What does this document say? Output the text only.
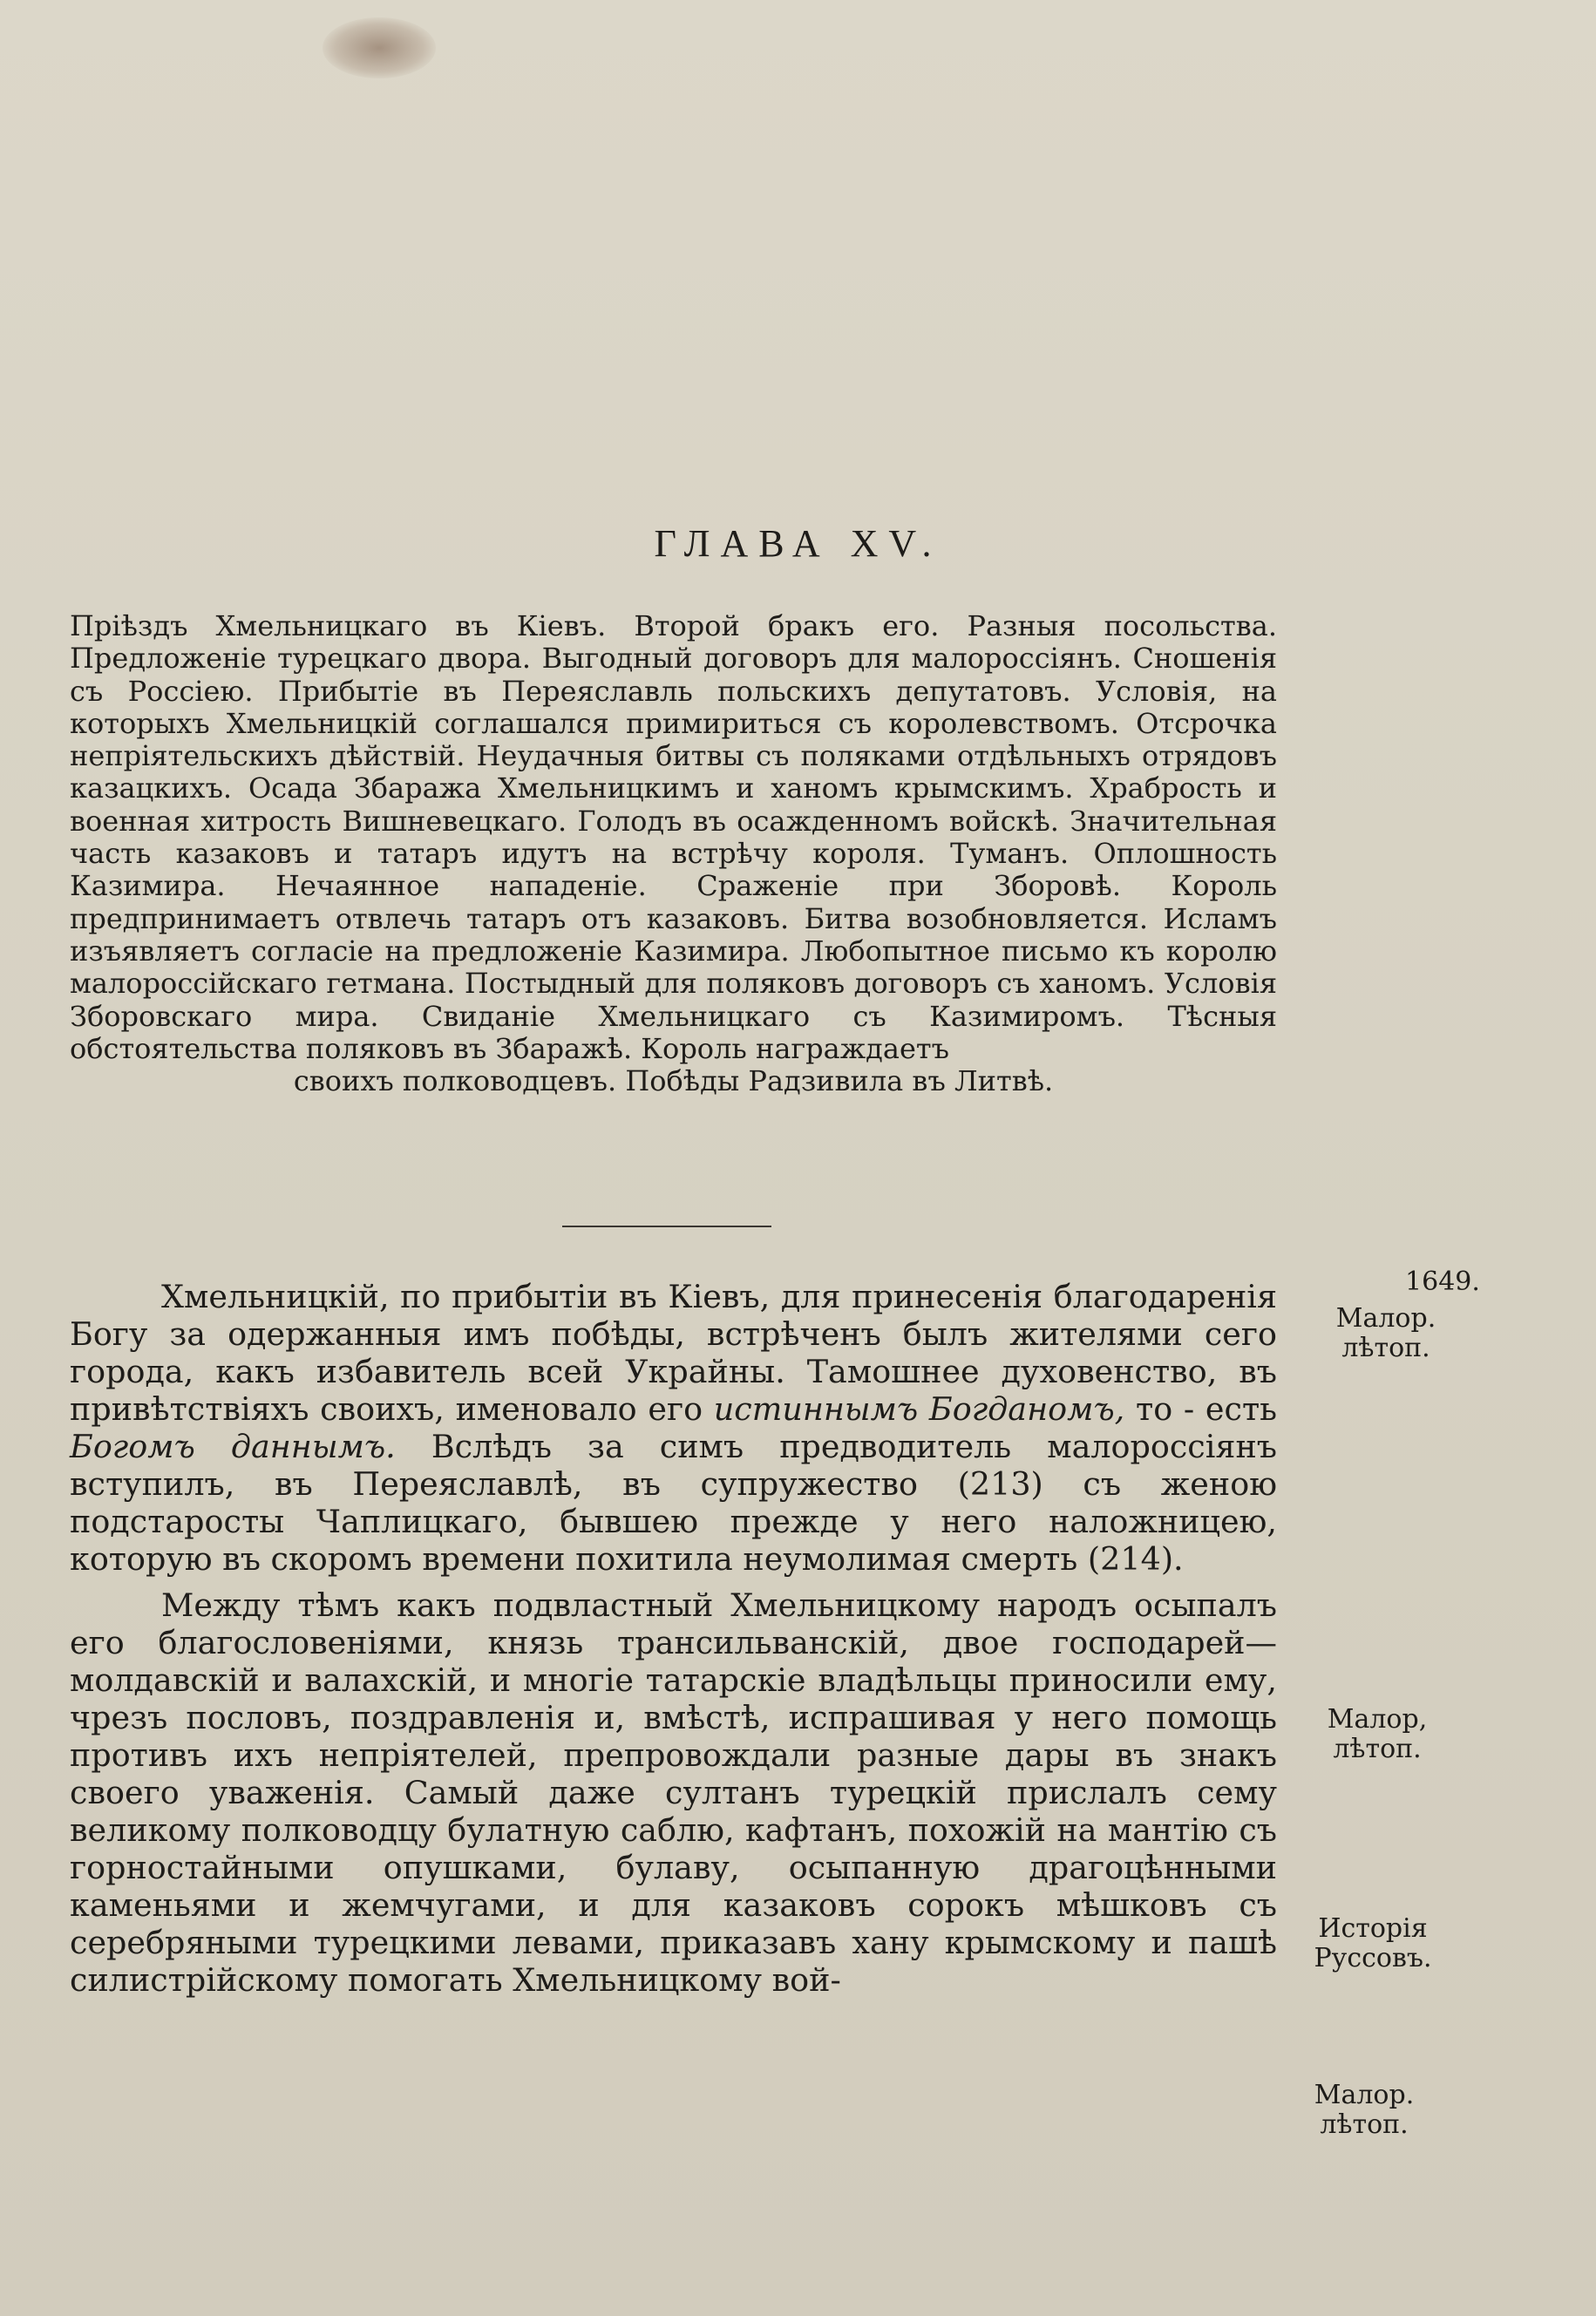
ГЛАВА XV.

Прiѣздъ Хмельницкаго въ Кiевъ. Второй бракъ его. Разныя посольства. Предложенiе турецкаго двора. Выгодный договоръ для малороссiянъ. Сношенiя съ Россiею. Прибытiе въ Переяславль польскихъ депутатовъ. Условiя, на которыхъ Хмельницкiй соглашался примириться съ королевствомъ. Отсрочка непрiятельскихъ дѣйствiй. Неудачныя битвы съ поляками отдѣльныхъ отрядовъ казацкихъ. Осада Збаража Хмельницкимъ и ханомъ крымскимъ. Храбрость и военная хитрость Вишневецкаго. Голодъ въ осажденномъ войскѣ. Значительная часть казаковъ и татаръ идутъ на встрѣчу короля. Туманъ. Оплошность Казимира. Нечаянное нападенiе. Сраженiе при Зборовѣ. Король предпринимаетъ отвлечь татаръ отъ казаковъ. Битва возобновляется. Исламъ изъявляетъ согласiе на предложенiе Казимира. Любопытное письмо къ королю малороссiйскаго гетмана. Постыдный для поляковъ договоръ съ ханомъ. Условiя Зборовскаго мира. Свиданiе Хмельницкаго съ Казимиромъ. Тѣсныя обстоятельства поляковъ въ Збаражѣ. Король награждаетъ
своихъ полководцевъ. Побѣды Радзивила въ Литвѣ.

Хмельницкiй, по прибытiи въ Кiевъ, для принесенiя благодаренiя Богу за одержанныя имъ побѣды, встрѣченъ былъ жителями сего города, какъ избавитель всей Украйны. Тамошнее духовенство, въ привѣтствiяхъ своихъ, именовало его истиннымъ Богданомъ, то - есть Богомъ даннымъ. Вслѣдъ за симъ предводитель малороссiянъ вступилъ, въ Переяславлѣ, въ супружество (213) съ женою подстаросты Чаплицкаго, бывшею прежде у него наложницею, которую въ скоромъ времени похитила неумолимая смерть (214).

Между тѣмъ какъ подвластный Хмельницкому народъ осыпалъ его благословенiями, князь трансильванскiй, двое господарей—молдавскiй и валахскiй, и многiе татарскiе владѣльцы приносили ему, чрезъ пословъ, поздравленiя и, вмѣстѣ, испрашивая у него помощь противъ ихъ непрiятелей, препровождали разные дары въ знакъ своего уваженiя. Самый даже султанъ турецкiй прислалъ сему великому полководцу булатную саблю, кафтанъ, похожiй на мантiю съ горностайными опушками, булаву, осыпанную драгоцѣнными каменьями и жемчугами, и для казаковъ сорокъ мѣшковъ съ серебряными турецкими левами, приказавъ хану крымскому и пашѣ силистрiйскому помогать Хмельницкому вой-

1649.
Малор. лѣтоп.
Малор, лѣтоп.
Исторiя Руссовъ.
Малор. лѣтоп.
